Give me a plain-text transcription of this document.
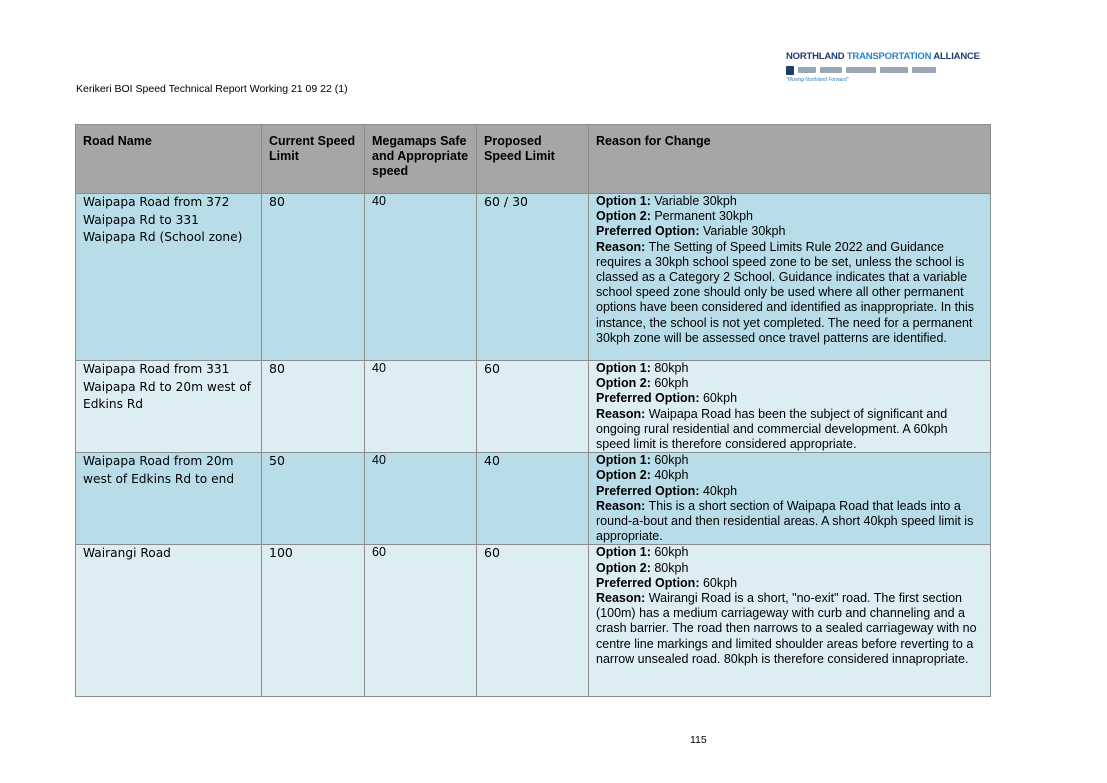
Kerikeri BOI Speed Technical Report Working 21 09 22 (1)
NORTHLAND TRANSPORTATION ALLIANCE
"Moving Northland Forward"
Road Name	Current Speed Limit	Megamaps Safe and Appropriate speed	Proposed Speed Limit	Reason for Change
Waipapa Road from 372 Waipapa Rd to 331 Waipapa Rd (School zone)	80	40	60 / 30	Option 1: Variable 30kph
Option 2: Permanent 30kph
Preferred Option: Variable 30kph
Reason: The Setting of Speed Limits Rule 2022 and Guidance requires a 30kph school speed zone to be set, unless the school is classed as a Category 2 School. Guidance indicates that a variable school speed zone should only be used where all other permanent options have been considered and identified as inappropriate. In this instance, the school is not yet completed. The need for a permanent 30kph zone will be assessed once travel patterns are identified.
Waipapa Road from 331 Waipapa Rd to 20m west of Edkins Rd	80	40	60	Option 1: 80kph
Option 2: 60kph
Preferred Option: 60kph
Reason: Waipapa Road has been the subject of significant and ongoing rural residential and commercial development. A 60kph speed limit is therefore considered appropriate.
Waipapa Road from 20m west of Edkins Rd to end	50	40	40	Option 1: 60kph
Option 2: 40kph
Preferred Option: 40kph
Reason: This is a short section of Waipapa Road that leads into a round-a-bout and then residential areas. A short 40kph speed limit is appropriate.
Wairangi Road	100	60	60	Option 1: 60kph
Option 2: 80kph
Preferred Option: 60kph
Reason: Wairangi Road is a short, "no-exit" road. The first section (100m) has a medium carriageway with curb and channeling and a crash barrier. The road then narrows to a sealed carriageway with no centre line markings and limited shoulder areas before reverting to a narrow unsealed road. 80kph is therefore considered innapropriate.
115
